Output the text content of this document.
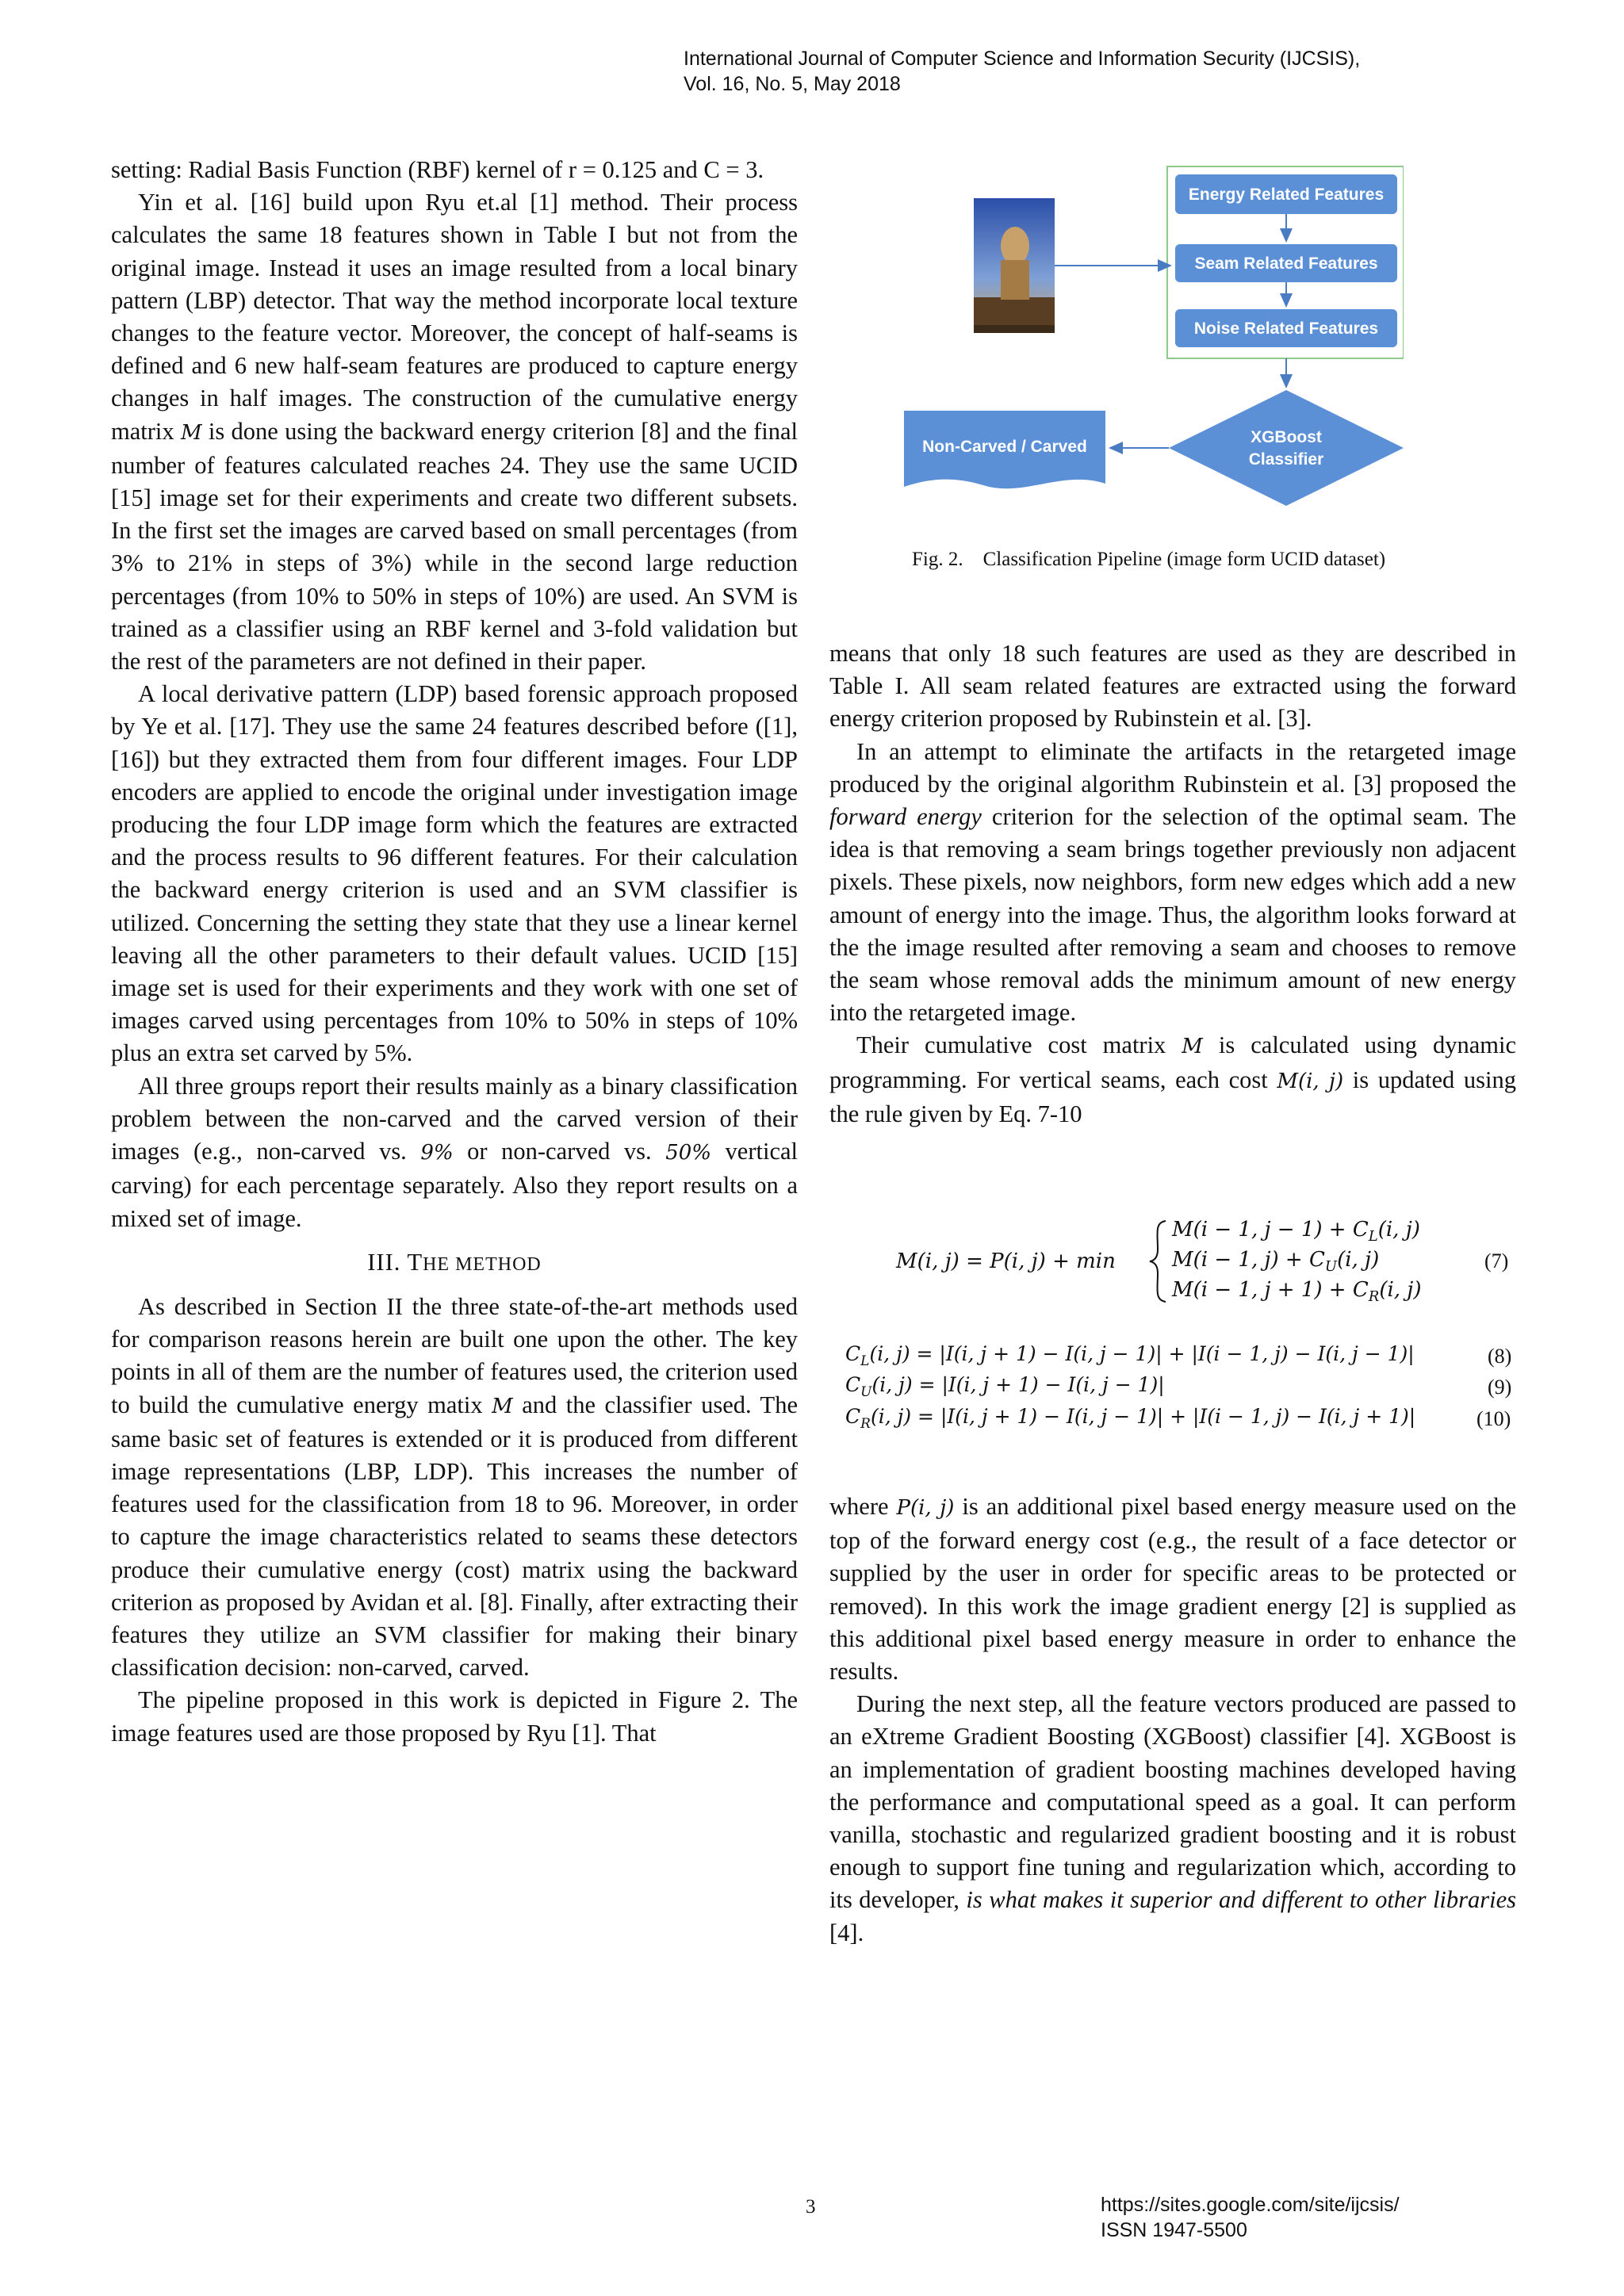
International Journal of Computer Science and Information Security (IJCSIS),
Vol. 16, No. 5, May 2018

setting: Radial Basis Function (RBF) kernel of r = 0.125 and C = 3.

Yin et al. [16] build upon Ryu et.al [1] method. Their process calculates the same 18 features shown in Table I but not from the original image. Instead it uses an image resulted from a local binary pattern (LBP) detector. That way the method incorporate local texture changes to the feature vector. Moreover, the concept of half-seams is defined and 6 new half-seam features are produced to capture energy changes in half images. The construction of the cumulative energy matrix M is done using the backward energy criterion [8] and the final number of features calculated reaches 24. They use the same UCID [15] image set for their experiments and create two different subsets. In the first set the images are carved based on small percentages (from 3% to 21% in steps of 3%) while in the second large reduction percentages (from 10% to 50% in steps of 10%) are used. An SVM is trained as a classifier using an RBF kernel and 3-fold validation but the rest of the parameters are not defined in their paper.

A local derivative pattern (LDP) based forensic approach proposed by Ye et al. [17]. They use the same 24 features described before ([1], [16]) but they extracted them from four different images. Four LDP encoders are applied to encode the original under investigation image producing the four LDP image form which the features are extracted and the process results to 96 different features. For their calculation the backward energy criterion is used and an SVM classifier is utilized. Concerning the setting they state that they use a linear kernel leaving all the other parameters to their default values. UCID [15] image set is used for their experiments and they work with one set of images carved using percentages from 10% to 50% in steps of 10% plus an extra set carved by 5%.

All three groups report their results mainly as a binary classification problem between the non-carved and the carved version of their images (e.g., non-carved vs. 9% or non-carved vs. 50% vertical carving) for each percentage separately. Also they report results on a mixed set of image.

III. THE METHOD

As described in Section II the three state-of-the-art methods used for comparison reasons herein are built one upon the other. The key points in all of them are the number of features used, the criterion used to build the cumulative energy matix M and the classifier used. The same basic set of features is extended or it is produced from different image representations (LBP, LDP). This increases the number of features used for the classification from 18 to 96. Moreover, in order to capture the image characteristics related to seams these detectors produce their cumulative energy (cost) matrix using the backward criterion as proposed by Avidan et al. [8]. Finally, after extracting their features they utilize an SVM classifier for making their binary classification decision: non-carved, carved.

The pipeline proposed in this work is depicted in Figure 2. The image features used are those proposed by Ryu [1]. That

Energy Related Features
Seam Related Features
Noise Related Features
XGBoost
Classifier
Non-Carved / Carved
Fig. 2.    Classification Pipeline (image form UCID dataset)

means that only 18 such features are used as they are described in Table I. All seam related features are extracted using the forward energy criterion proposed by Rubinstein et al. [3].

In an attempt to eliminate the artifacts in the retargeted image produced by the original algorithm Rubinstein et al. [3] proposed the forward energy criterion for the selection of the optimal seam. The idea is that removing a seam brings together previously non adjacent pixels. These pixels, now neighbors, form new edges which add a new amount of energy into the image. Thus, the algorithm looks forward at the the image resulted after removing a seam and chooses to remove the seam whose removal adds the minimum amount of new energy into the retargeted image.

Their cumulative cost matrix M is calculated using dynamic programming. For vertical seams, each cost M(i, j) is updated using the rule given by Eq. 7-10

M(i, j) = P(i, j) + min
M(i − 1, $j - 1) + C_L(i$, j)
M(i − 1, $j) + C_U(i$, j)
M(i − 1, $j + 1) + C_R(i$, j)
(7)
$C_L(i$, j) = |I(i, j + 1) − I(i, j − 1)| + |I(i − 1, j) − I(i, j − 1)|	(8)
$C_U(i$, j) = |I(i, j + 1) − I(i, j − 1)|	(9)
$C_R(i$, j) = |I(i, j + 1) − I(i, j − 1)| + |I(i − 1, j) − I(i, j + 1)|	(10)

where P(i, j) is an additional pixel based energy measure used on the top of the forward energy cost (e.g., the result of a face detector or supplied by the user in order for specific areas to be protected or removed). In this work the image gradient energy [2] is supplied as this additional pixel based energy measure in order to enhance the results.

During the next step, all the feature vectors produced are passed to an eXtreme Gradient Boosting (XGBoost) classifier [4]. XGBoost is an implementation of gradient boosting machines developed having the performance and computational speed as a goal. It can perform vanilla, stochastic and regularized gradient boosting and it is robust enough to support fine tuning and regularization which, according to its developer, is what makes it superior and different to other libraries [4].

3	https://sites.google.com/site/ijcsis/
ISSN 1947-5500
